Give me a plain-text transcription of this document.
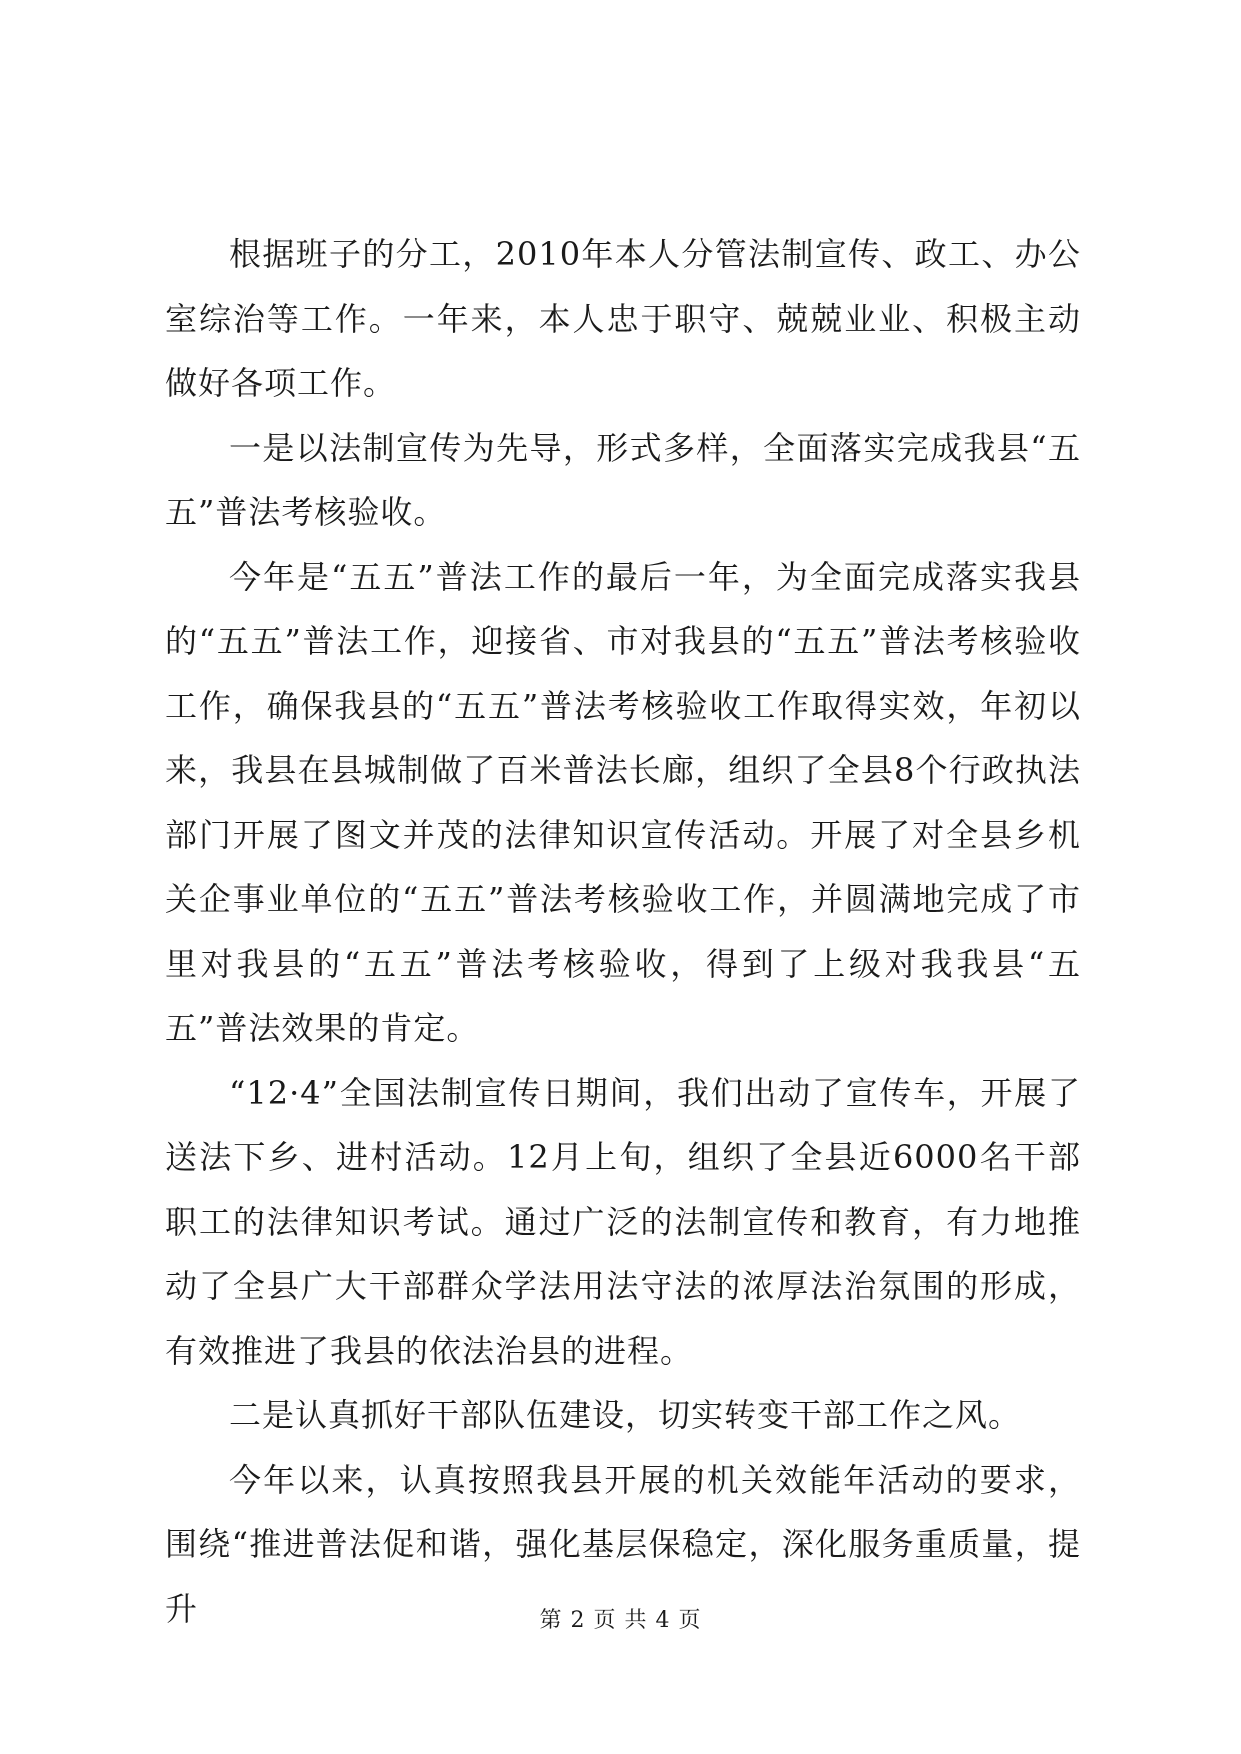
根据班子的分工，2010年本人分管法制宣传、政工、办公室综治等工作。一年来，本人忠于职守、兢兢业业、积极主动做好各项工作。

一是以法制宣传为先导，形式多样，全面落实完成我县“五五”普法考核验收。

今年是“五五”普法工作的最后一年，为全面完成落实我县的“五五”普法工作，迎接省、市对我县的“五五”普法考核验收工作，确保我县的“五五”普法考核验收工作取得实效，年初以来，我县在县城制做了百米普法长廊，组织了全县8个行政执法部门开展了图文并茂的法律知识宣传活动。开展了对全县乡机关企事业单位的“五五”普法考核验收工作，并圆满地完成了市里对我县的“五五”普法考核验收，得到了上级对我我县“五五”普法效果的肯定。

“12·4”全国法制宣传日期间，我们出动了宣传车，开展了送法下乡、进村活动。12月上旬，组织了全县近6000名干部职工的法律知识考试。通过广泛的法制宣传和教育，有力地推动了全县广大干部群众学法用法守法的浓厚法治氛围的形成，有效推进了我县的依法治县的进程。

二是认真抓好干部队伍建设，切实转变干部工作之风。

今年以来，认真按照我县开展的机关效能年活动的要求，围绕“推进普法促和谐，强化基层保稳定，深化服务重质量，提升	第 2 页 共 4 页
